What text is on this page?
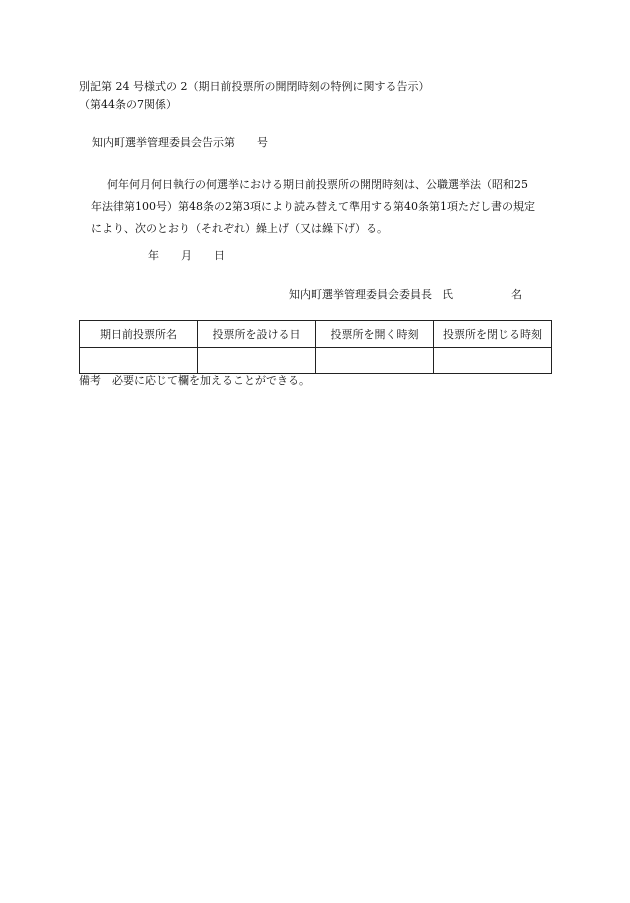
別記第 24 号様式の 2（期日前投票所の開閉時刻の特例に関する告示）
（第44条の7関係）
知内町選挙管理委員会告示第　　号
何年何月何日執行の何選挙における期日前投票所の開閉時刻は、公職選挙法（昭和25
年法律第100号）第48条の2第3項により読み替えて準用する第40条第1項ただし書の規定
により、次のとおり（それぞれ）繰上げ（又は繰下げ）る。
年 月 日
知内町選挙管理委員会委員長 氏	名
期日前投票所名	投票所を設ける日	投票所を開く時刻	投票所を閉じる時刻

備考　必要に応じて欄を加えることができる。
